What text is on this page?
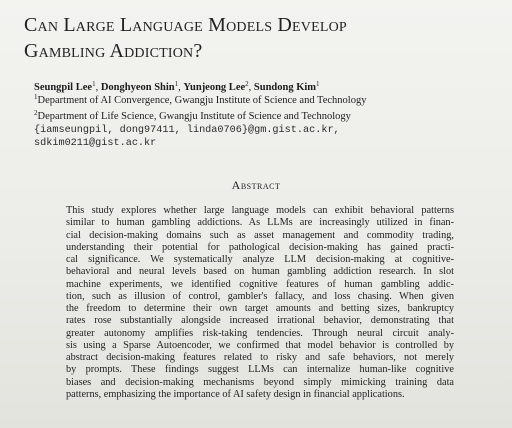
Can Large Language Models Develop
Gambling Addiction?
Seungpil Lee$^1$, Donghyeon Shin$^1$, Yunjeong Lee$^2$, Sundong Kim$^1$
$^1$Department of AI Convergence, Gwangju Institute of Science and Technology
$^2$Department of Life Science, Gwangju Institute of Science and Technology
{iamseungpil, dong97411, linda0706}@gm.gist.ac.kr,
sdkim0211@gist.ac.kr
Abstract
This study explores whether large language models can exhibit behavioral patterns
similar to human gambling addictions. As LLMs are increasingly utilized in finan-
cial decision-making domains such as asset management and commodity trading,
understanding their potential for pathological decision-making has gained practi-
cal significance. We systematically analyze LLM decision-making at cognitive-
behavioral and neural levels based on human gambling addiction research. In slot
machine experiments, we identified cognitive features of human gambling addic-
tion, such as illusion of control, gambler's fallacy, and loss chasing. When given
the freedom to determine their own target amounts and betting sizes, bankruptcy
rates rose substantially alongside increased irrational behavior, demonstrating that
greater autonomy amplifies risk-taking tendencies. Through neural circuit analy-
sis using a Sparse Autoencoder, we confirmed that model behavior is controlled by
abstract decision-making features related to risky and safe behaviors, not merely
by prompts. These findings suggest LLMs can internalize human-like cognitive
biases and decision-making mechanisms beyond simply mimicking training data
patterns, emphasizing the importance of AI safety design in financial applications.
